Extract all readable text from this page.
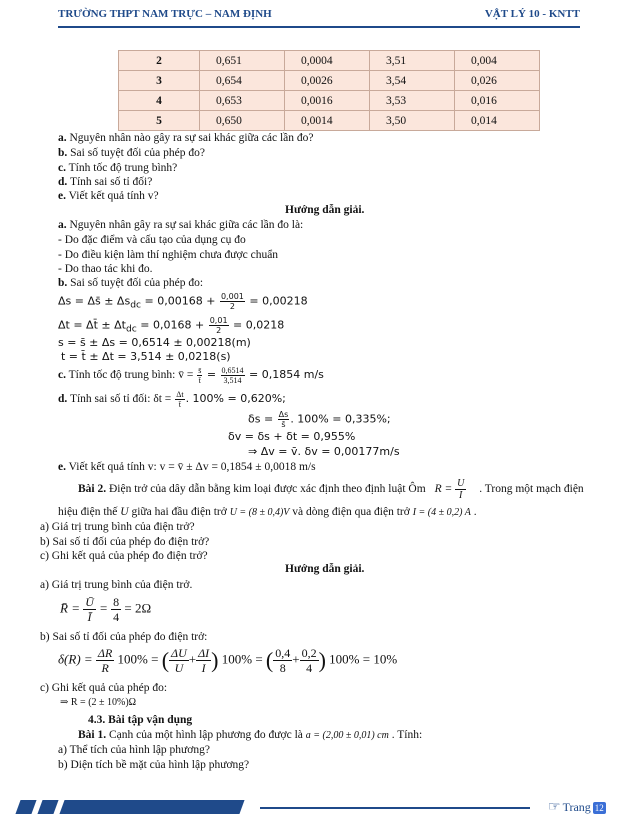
TRƯỜNG THPT NAM TRỰC – NAM ĐỊNH	VẬT LÝ 10 - KNTT
2	0,651	0,0004	3,51	0,004
3	0,654	0,0026	3,54	0,026
4	0,653	0,0016	3,53	0,016
5	0,650	0,0014	3,50	0,014
a. Nguyên nhân nào gây ra sự sai khác giữa các lần đo?
b. Sai số tuyệt đối của phép đo?
c. Tính tốc độ trung bình?
d. Tính sai số tỉ đối?
e. Viết kết quả tính v?
Hướng dẫn giải.
a. Nguyên nhân gây ra sự sai khác giữa các lần đo là:
- Do đặc điểm và cấu tạo của dụng cụ đo
- Do điều kiện làm thí nghiệm chưa được chuẩn
- Do thao tác khi đo.
b. Sai số tuyệt đối của phép đo:
Δs = Δs̄ ± $\Delta s_{dc} = 0,00168 + \frac{0,001}{2} = 0,00218$
Δt = Δt̄ ± $\Delta t_{dc} = 0,0168 + \frac{0,01}{2} = 0,0218$
s = s̄ ± Δs = 0,6514 ± 0,00218(m)
t = t̄ ± Δt = 3,514 ± 0,0218(s)
c. Tính tốc độ trung bình: v̄ = $\frac{s̄}{t̄} = \frac{0,6514}{3,514} = 0,1854$ m/s
d. Tính sai số tỉ đối: $\delta t = \frac{\Delta t}{t̄}$ . 100% = 0,620%;
$\delta s = \frac{\Delta s}{s̄}$ . 100% = 0,335%;
δv = δs + δt = 0,955%
⇒ Δv = v̄. δv = 0,00177m/s
e. Viết kết quả tính v: v = v̄ ± Δv = 0,1854 ± 0,0018 m/s
Bài 2. Điện trở của dây dẫn bằng kim loại được xác định theo định luật Ôm $R = \frac{U}{I}$ . Trong một mạch điện
hiệu điện thế U giữa hai đầu điện trở U = (8 ± 0,4)V và dòng điện qua điện trở I = (4 ± 0,2) A .
a) Giá trị trung bình của điện trở?
b) Sai số tỉ đối của phép đo điện trở?
c) Ghi kết quả của phép đo điện trở?
Hướng dẫn giải.
a) Giá trị trung bình của điện trở.
R̄ = $\frac{Ū}{Ī} = \frac{8}{4} = 2\Omega$
b) Sai số tỉ đối của phép đo điện trở:
$\delta(R) = \frac{\Delta R}{R} 100\%$ = ( $\frac{\Delta U}{U} + \frac{\Delta I}{I}$ ) 100% = ( $\frac{0,4}{8} + \frac{0,2}{4}$ ) 100% = 10%
c) Ghi kết quả của phép đo:
⇒ R = (2 ± 10%)Ω
4.3. Bài tập vận dụng
Bài 1. Cạnh của một hình lập phương đo được là a = (2,00 ± 0,01) cm . Tính:
a) Thể tích của hình lập phương?
b) Diện tích bề mặt của hình lập phương?
☞ Trang 12
